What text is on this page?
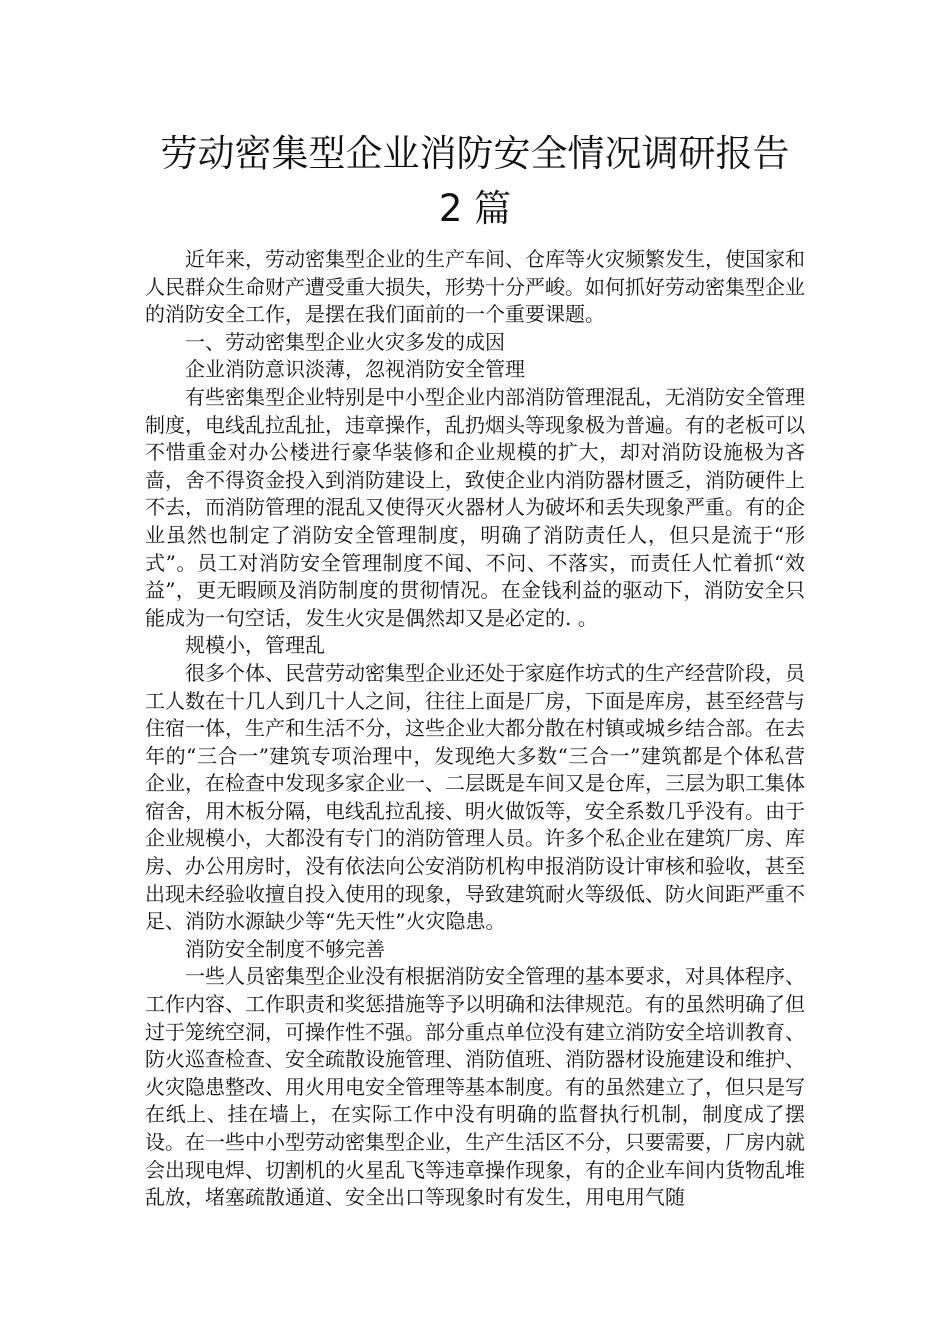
劳动密集型企业消防安全情况调研报告
2 篇

近年来，劳动密集型企业的生产车间、仓库等火灾频繁发生，使国家和人民群众生命财产遭受重大损失，形势十分严峻。如何抓好劳动密集型企业的消防安全工作，是摆在我们面前的一个重要课题。

一、劳动密集型企业火灾多发的成因

企业消防意识淡薄，忽视消防安全管理

有些密集型企业特别是中小型企业内部消防管理混乱，无消防安全管理制度，电线乱拉乱扯，违章操作，乱扔烟头等现象极为普遍。有的老板可以不惜重金对办公楼进行豪华装修和企业规模的扩大，却对消防设施极为吝啬，舍不得资金投入到消防建设上，致使企业内消防器材匮乏，消防硬件上不去，而消防管理的混乱又使得灭火器材人为破坏和丢失现象严重。有的企业虽然也制定了消防安全管理制度，明确了消防责任人，但只是流于“形式”。员工对消防安全管理制度不闻、不问、不落实，而责任人忙着抓“效益”，更无暇顾及消防制度的贯彻情况。在金钱利益的驱动下，消防安全只能成为一句空话，发生火灾是偶然却又是必定的. 。

规模小，管理乱

很多个体、民营劳动密集型企业还处于家庭作坊式的生产经营阶段，员工人数在十几人到几十人之间，往往上面是厂房，下面是库房，甚至经营与住宿一体，生产和生活不分，这些企业大都分散在村镇或城乡结合部。在去年的“三合一”建筑专项治理中，发现绝大多数“三合一”建筑都是个体私营企业，在检查中发现多家企业一、二层既是车间又是仓库，三层为职工集体宿舍，用木板分隔，电线乱拉乱接、明火做饭等，安全系数几乎没有。由于企业规模小，大都没有专门的消防管理人员。许多个私企业在建筑厂房、库房、办公用房时，没有依法向公安消防机构申报消防设计审核和验收，甚至出现未经验收擅自投入使用的现象，导致建筑耐火等级低、防火间距严重不足、消防水源缺少等“先天性”火灾隐患。

消防安全制度不够完善

一些人员密集型企业没有根据消防安全管理的基本要求，对具体程序、工作内容、工作职责和奖惩措施等予以明确和法律规范。有的虽然明确了但过于笼统空洞，可操作性不强。部分重点单位没有建立消防安全培训教育、防火巡查检查、安全疏散设施管理、消防值班、消防器材设施建设和维护、火灾隐患整改、用火用电安全管理等基本制度。有的虽然建立了，但只是写在纸上、挂在墙上，在实际工作中没有明确的监督执行机制，制度成了摆设。在一些中小型劳动密集型企业，生产生活区不分，只要需要，厂房内就会出现电焊、切割机的火星乱飞等违章操作现象，有的企业车间内货物乱堆乱放，堵塞疏散通道、安全出口等现象时有发生，用电用气随
